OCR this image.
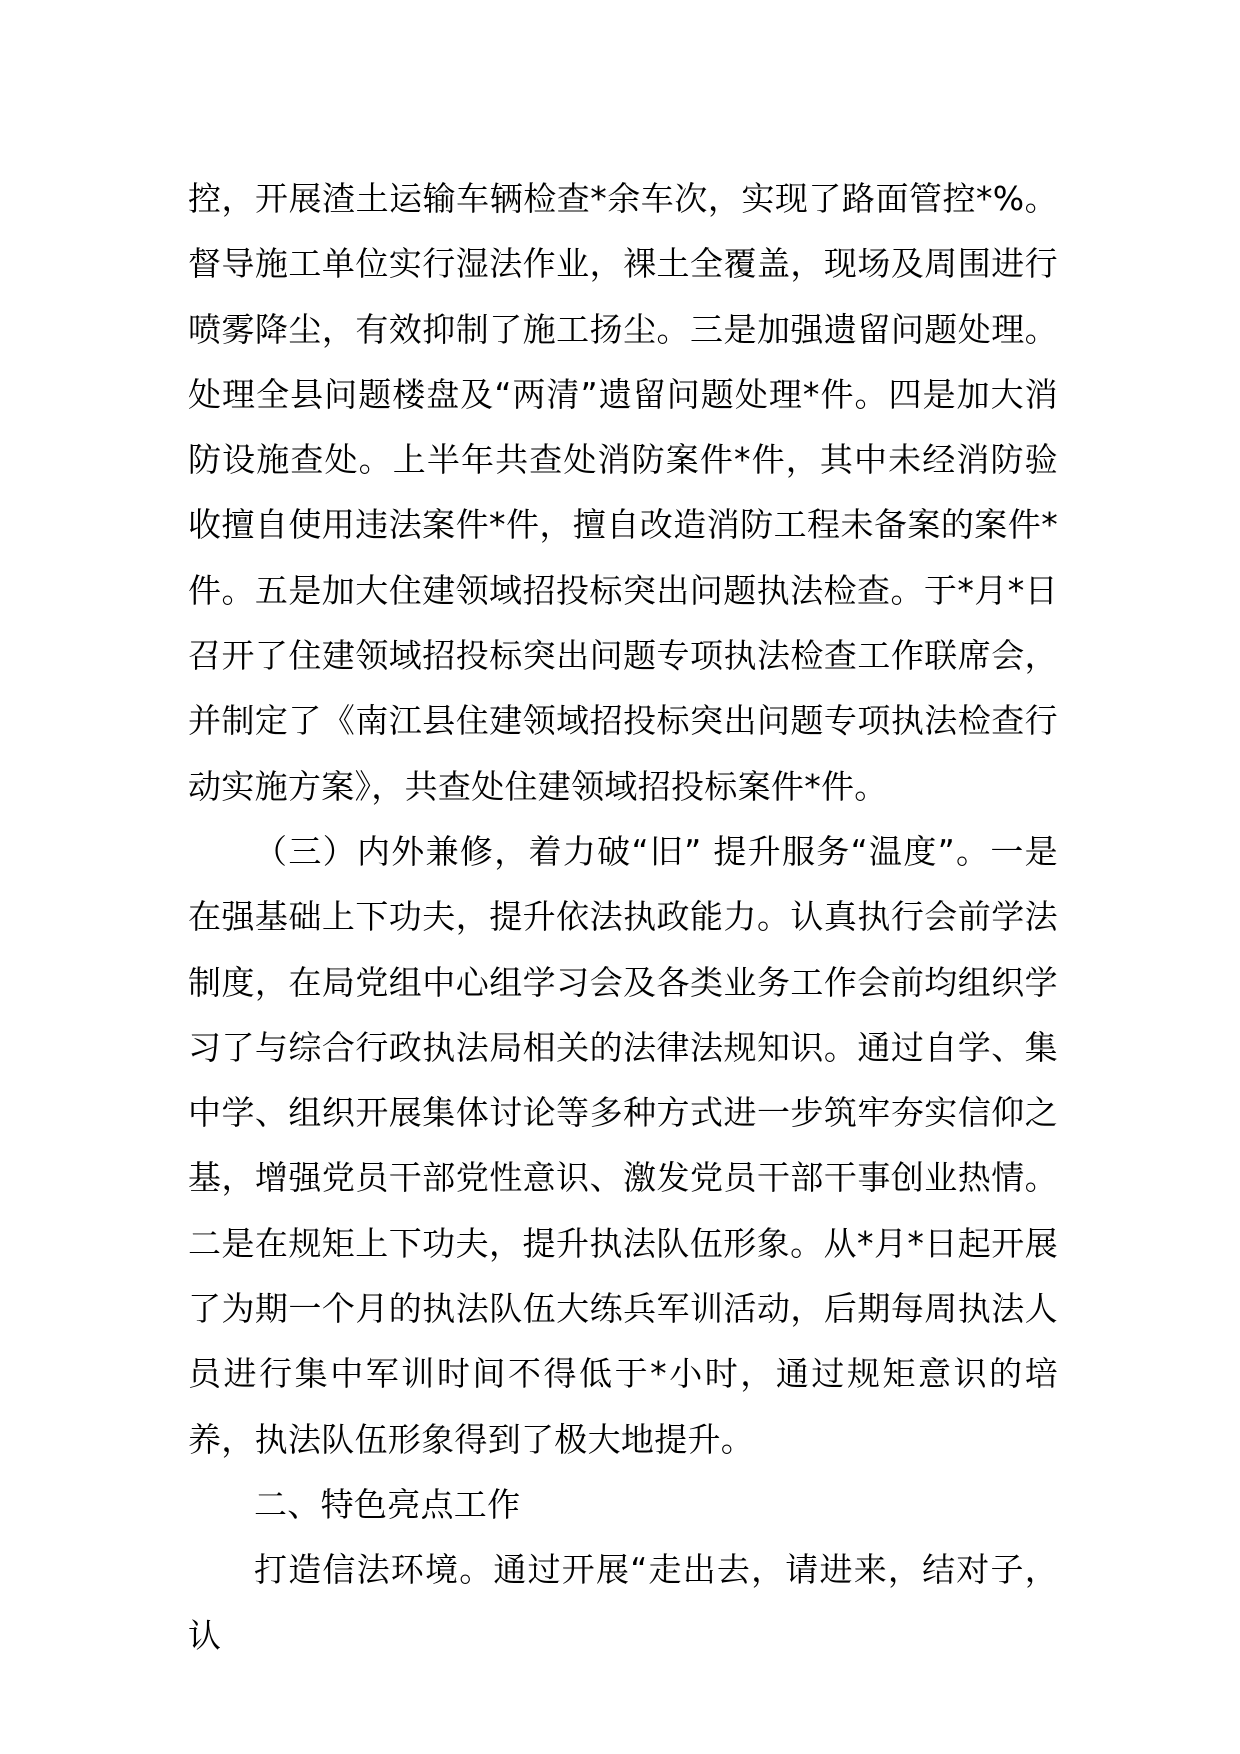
控，开展渣土运输车辆检查*余车次，实现了路面管控*%。督导施工单位实行湿法作业，裸土全覆盖，现场及周围进行喷雾降尘，有效抑制了施工扬尘。三是加强遗留问题处理。处理全县问题楼盘及“两清”遗留问题处理*件。四是加大消防设施查处。上半年共查处消防案件*件，其中未经消防验收擅自使用违法案件*件，擅自改造消防工程未备案的案件*件。五是加大住建领域招投标突出问题执法检查。于*月*日召开了住建领域招投标突出问题专项执法检查工作联席会，并制定了《南江县住建领域招投标突出问题专项执法检查行动实施方案》，共查处住建领域招投标案件*件。

（三）内外兼修，着力破“旧” 提升服务“温度”。一是在强基础上下功夫，提升依法执政能力。认真执行会前学法制度，在局党组中心组学习会及各类业务工作会前均组织学习了与综合行政执法局相关的法律法规知识。通过自学、集中学、组织开展集体讨论等多种方式进一步筑牢夯实信仰之基，增强党员干部党性意识、激发党员干部干事创业热情。二是在规矩上下功夫，提升执法队伍形象。从*月*日起开展了为期一个月的执法队伍大练兵军训活动，后期每周执法人员进行集中军训时间不得低于*小时，通过规矩意识的培养，执法队伍形象得到了极大地提升。

二、特色亮点工作

打造信法环境。通过开展“走出去，请进来，结对子，认
